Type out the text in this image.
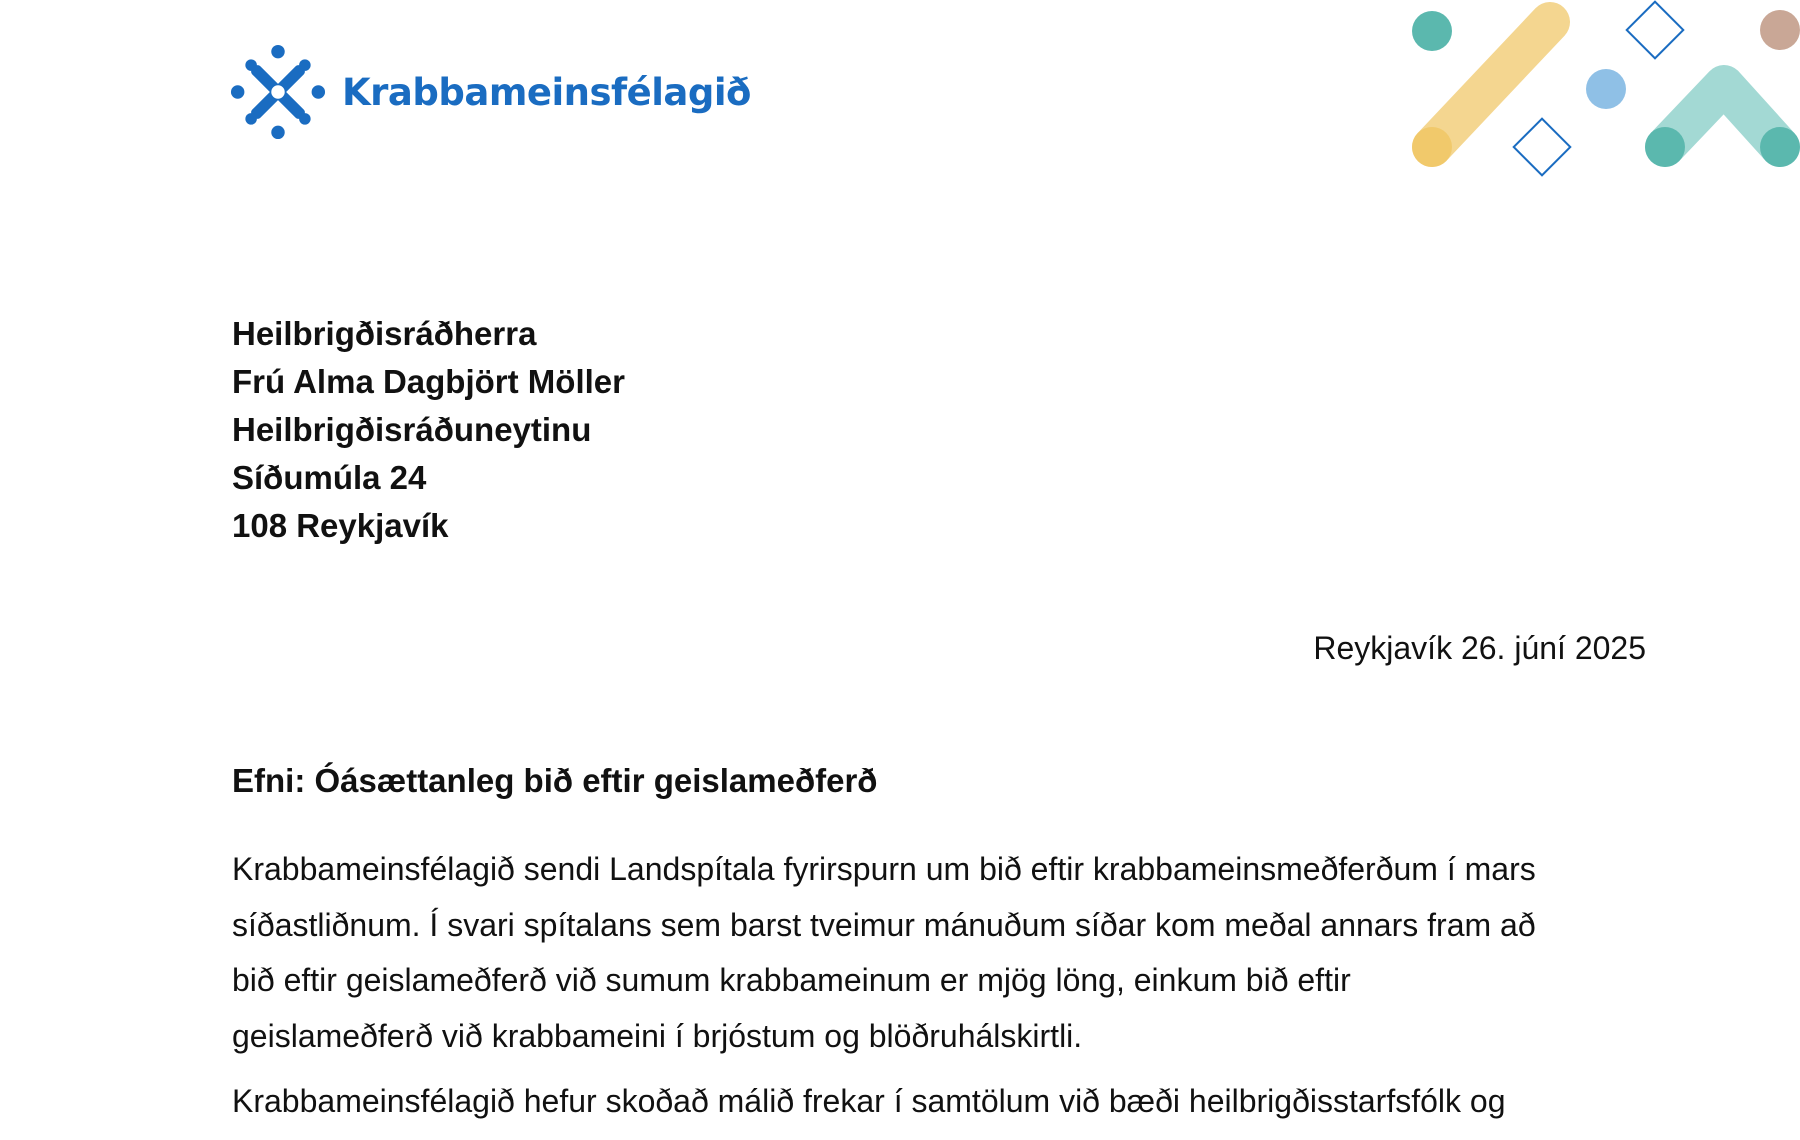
Krabbameinsfélagið
Heilbrigðisráðherra
Frú Alma Dagbjört Möller
Heilbrigðisráðuneytinu
Síðumúla 24
108 Reykjavík
Reykjavík 26. júní 2025
Efni: Óásættanleg bið eftir geislameðferð
Krabbameinsfélagið sendi Landspítala fyrirspurn um bið eftir krabbameinsmeðferðum í mars
síðastliðnum. Í svari spítalans sem barst tveimur mánuðum síðar kom meðal annars fram að
bið eftir geislameðferð við sumum krabbameinum er mjög löng, einkum bið eftir
geislameðferð við krabbameini í brjóstum og blöðruhálskirtli.
Krabbameinsfélagið hefur skoðað málið frekar í samtölum við bæði heilbrigðisstarfsfólk og
